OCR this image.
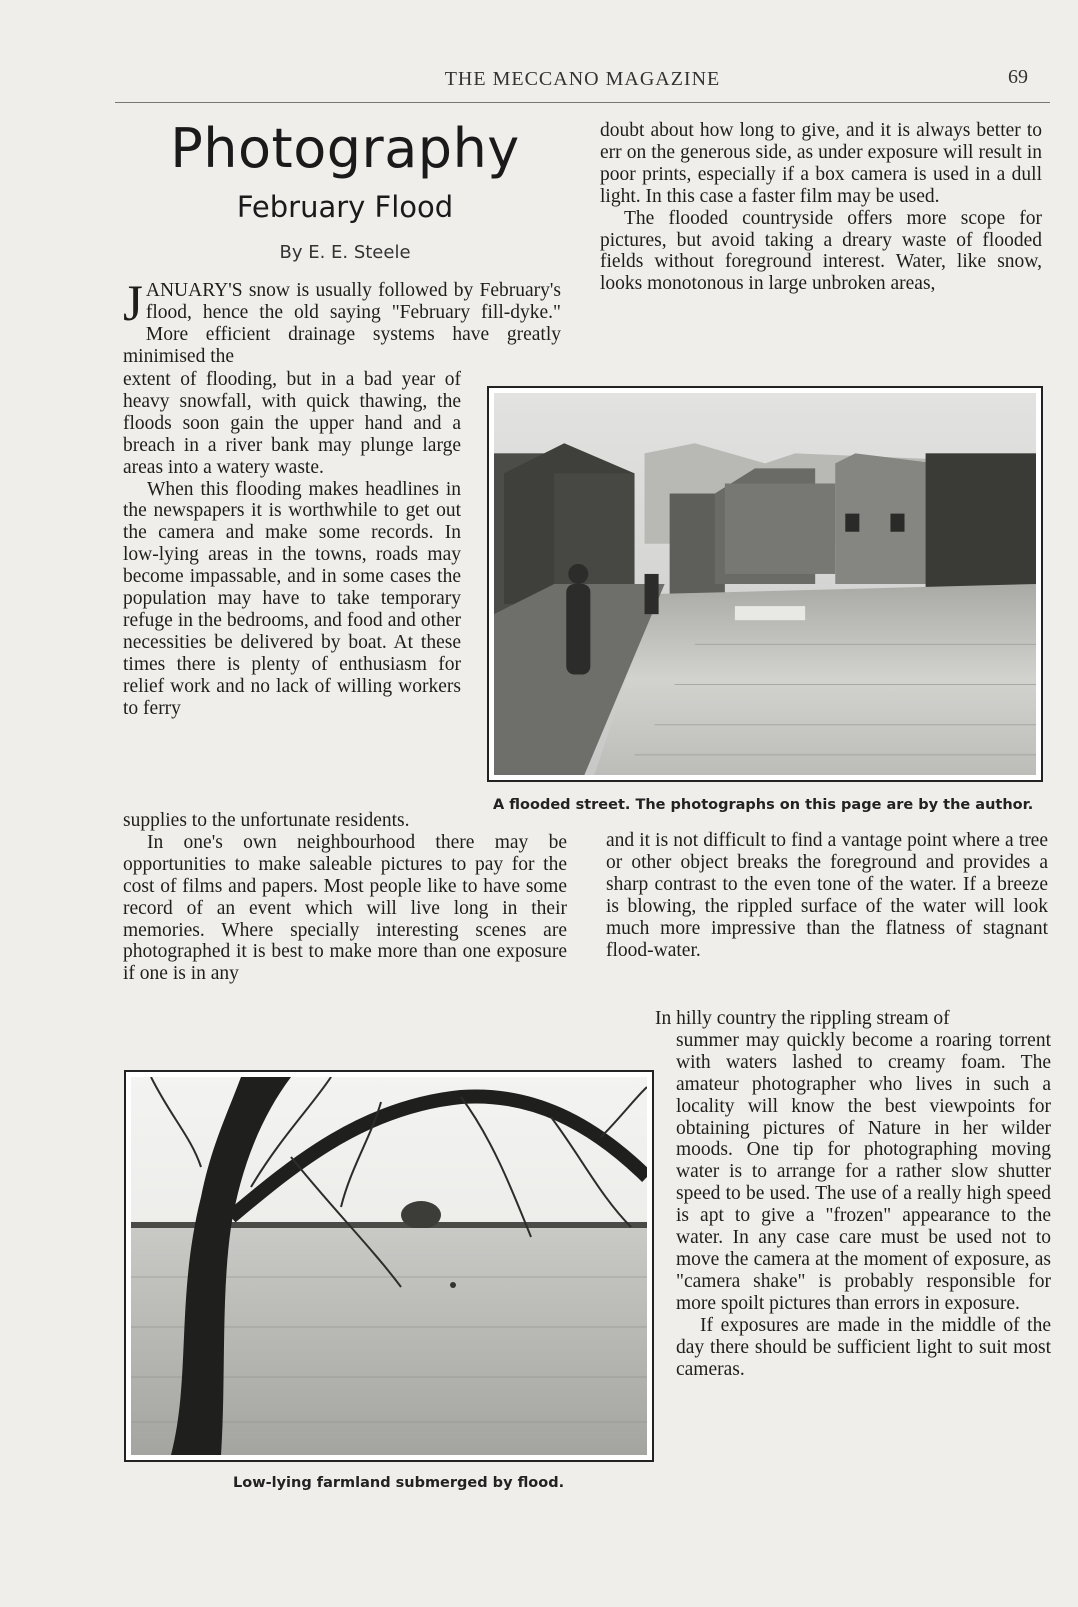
THE MECCANO MAGAZINE	69
Photography
February Flood
By E. E. Steele

JANUARY'S snow is usually followed by February's flood, hence the old saying "February fill-dyke." More efficient drainage systems have greatly minimised the

extent of flooding, but in a bad year of heavy snowfall, with quick thawing, the floods soon gain the upper hand and a breach in a river bank may plunge large areas into a watery waste.

When this flooding makes headlines in the newspapers it is worthwhile to get out the camera and make some records. In low-lying areas in the towns, roads may become impassable, and in some cases the population may have to take temporary refuge in the bedrooms, and food and other necessities be delivered by boat. At these times there is plenty of enthusiasm for relief work and no lack of willing workers to ferry

supplies to the unfortunate residents.

In one's own neighbourhood there may be opportunities to make saleable pictures to pay for the cost of films and papers. Most people like to have some record of an event which will live long in their memories. Where specially interesting scenes are photographed it is best to make more than one exposure if one is in any

doubt about how long to give, and it is always better to err on the generous side, as under exposure will result in poor prints, especially if a box camera is used in a dull light. In this case a faster film may be used.

The flooded countryside offers more scope for pictures, but avoid taking a dreary waste of flooded fields without foreground interest. Water, like snow, looks monotonous in large unbroken areas,

and it is not difficult to find a vantage point where a tree or other object breaks the foreground and provides a sharp contrast to the even tone of the water. If a breeze is blowing, the rippled surface of the water will look much more impressive than the flatness of stagnant flood-water.

In hilly country the rippling stream of

summer may quickly become a roaring torrent with waters lashed to creamy foam. The amateur photographer who lives in such a locality will know the best viewpoints for obtaining pictures of Nature in her wilder moods. One tip for photographing moving water is to arrange for a rather slow shutter speed to be used. The use of a really high speed is apt to give a "frozen" appearance to the water. In any case care must be used not to move the camera at the moment of exposure, as "camera shake" is probably responsible for more spoilt pictures than errors in exposure.

If exposures are made in the middle of the day there should be sufficient light to suit most cameras.

A flooded street. The photographs on this page are by the author.
Low-lying farmland submerged by flood.
